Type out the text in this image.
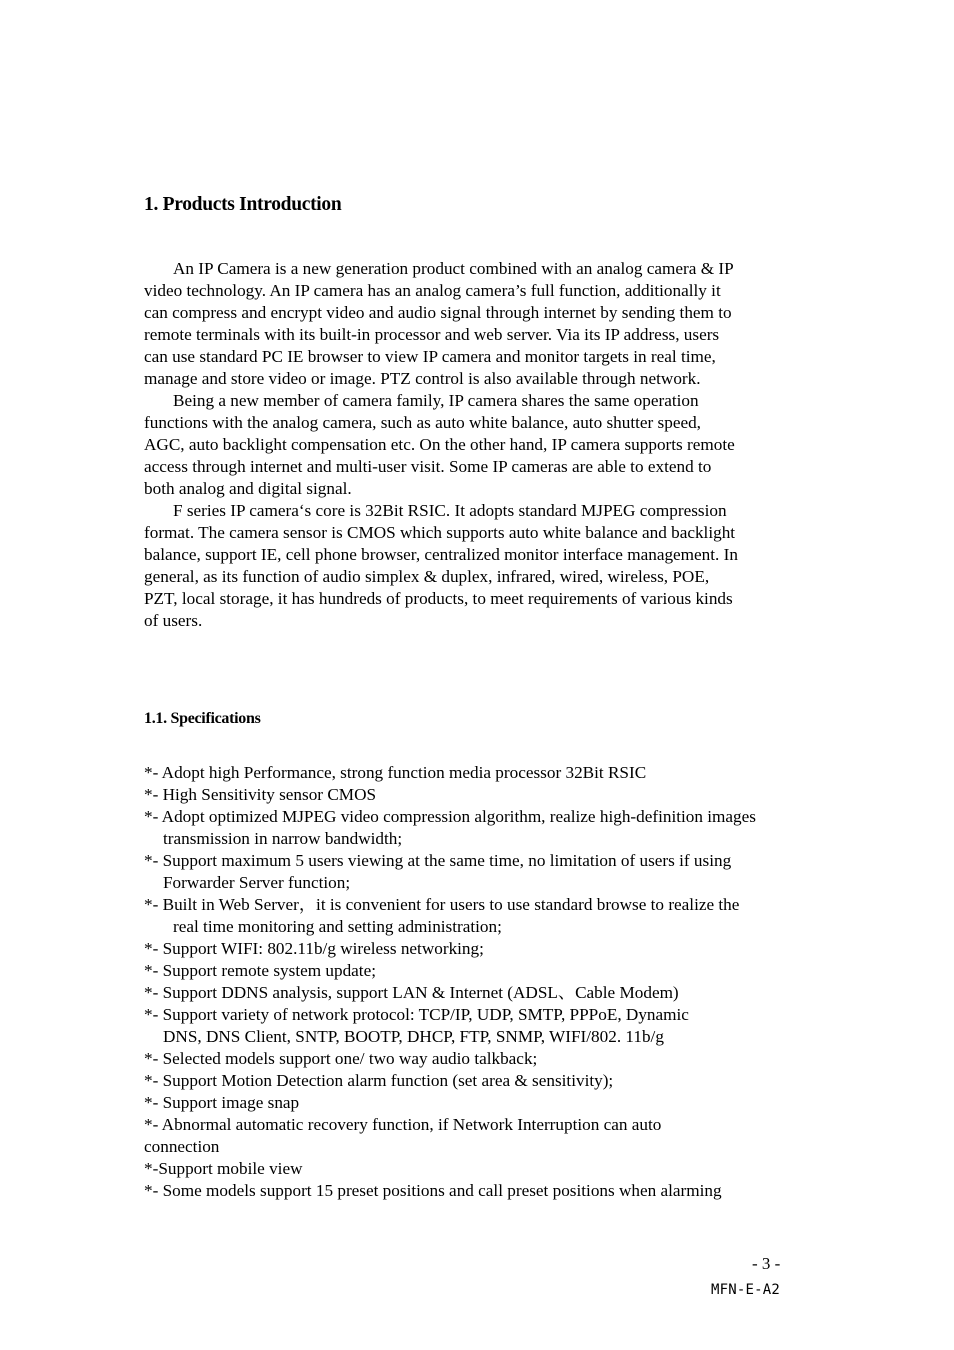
1. Products Introduction
An IP Camera is a new generation product combined with an analog camera & IP
video technology. An IP camera has an analog camera’s full function, additionally it
can compress and encrypt video and audio signal through internet by sending them to
remote terminals with its built-in processor and web server. Via its IP address, users
can use standard PC IE browser to view IP camera and monitor targets in real time,
manage and store video or image. PTZ control is also available through network.
Being a new member of camera family, IP camera shares the same operation
functions with the analog camera, such as auto white balance, auto shutter speed,
AGC, auto backlight compensation etc. On the other hand, IP camera supports remote
access through internet and multi-user visit. Some IP cameras are able to extend to
both analog and digital signal.
F series IP camera‘s core is 32Bit RSIC. It adopts standard MJPEG compression
format. The camera sensor is CMOS which supports auto white balance and backlight
balance, support IE, cell phone browser, centralized monitor interface management. In
general, as its function of audio simplex & duplex, infrared, wired, wireless, POE,
PZT, local storage, it has hundreds of products, to meet requirements of various kinds
of users.
1.1. Specifications
*- Adopt high Performance, strong function media processor 32Bit RSIC
*- High Sensitivity sensor CMOS
*- Adopt optimized MJPEG video compression algorithm, realize high-definition images
transmission in narrow bandwidth;
*- Support maximum 5 users viewing at the same time, no limitation of users if using
Forwarder Server function;
*- Built in Web Server，it is convenient for users to use standard browse to realize the
real time monitoring and setting administration;
*- Support WIFI: 802.11b/g wireless networking;
*- Support remote system update;
*- Support DDNS analysis, support LAN & Internet (ADSL、Cable Modem)
*- Support variety of network protocol: TCP/IP, UDP, SMTP, PPPoE, Dynamic
DNS, DNS Client, SNTP, BOOTP, DHCP, FTP, SNMP, WIFI/802. 11b/g
*- Selected models support one/ two way audio talkback;
*- Support Motion Detection alarm function (set area & sensitivity);
*- Support image snap
*- Abnormal automatic recovery function, if Network Interruption can auto
connection
*-Support mobile view
*- Some models support 15 preset positions and call preset positions when alarming
- 3 -
MFN-E-A2
